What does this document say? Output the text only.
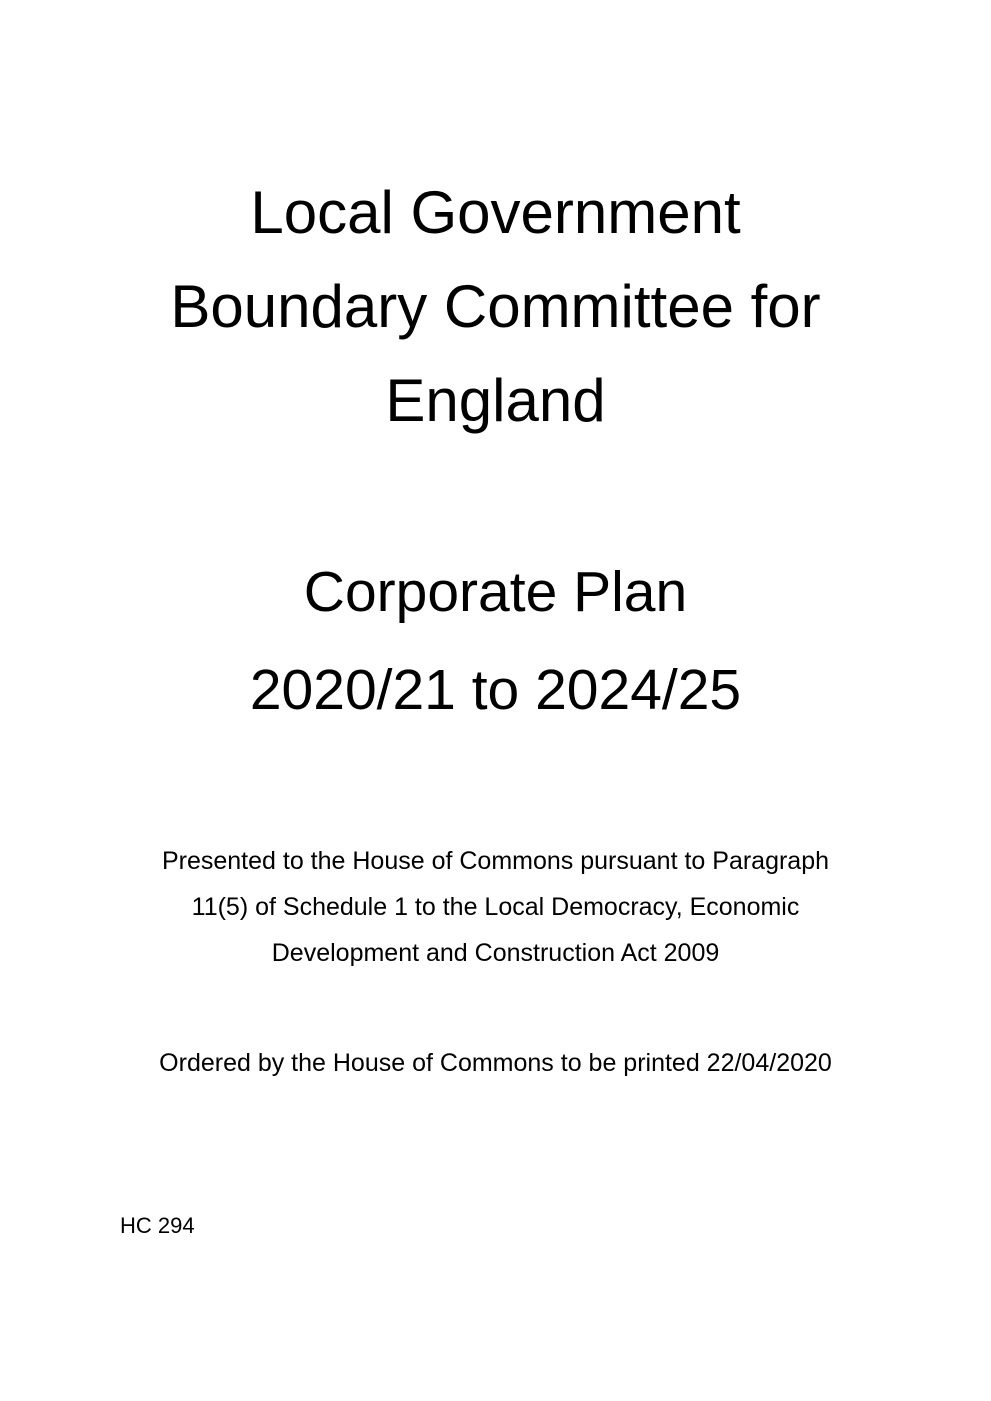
Local Government
Boundary Committee for
England
Corporate Plan
2020/21 to 2024/25
Presented to the House of Commons pursuant to Paragraph
11(5) of Schedule 1 to the Local Democracy, Economic
Development and Construction Act 2009
Ordered by the House of Commons to be printed 22/04/2020
HC 294
